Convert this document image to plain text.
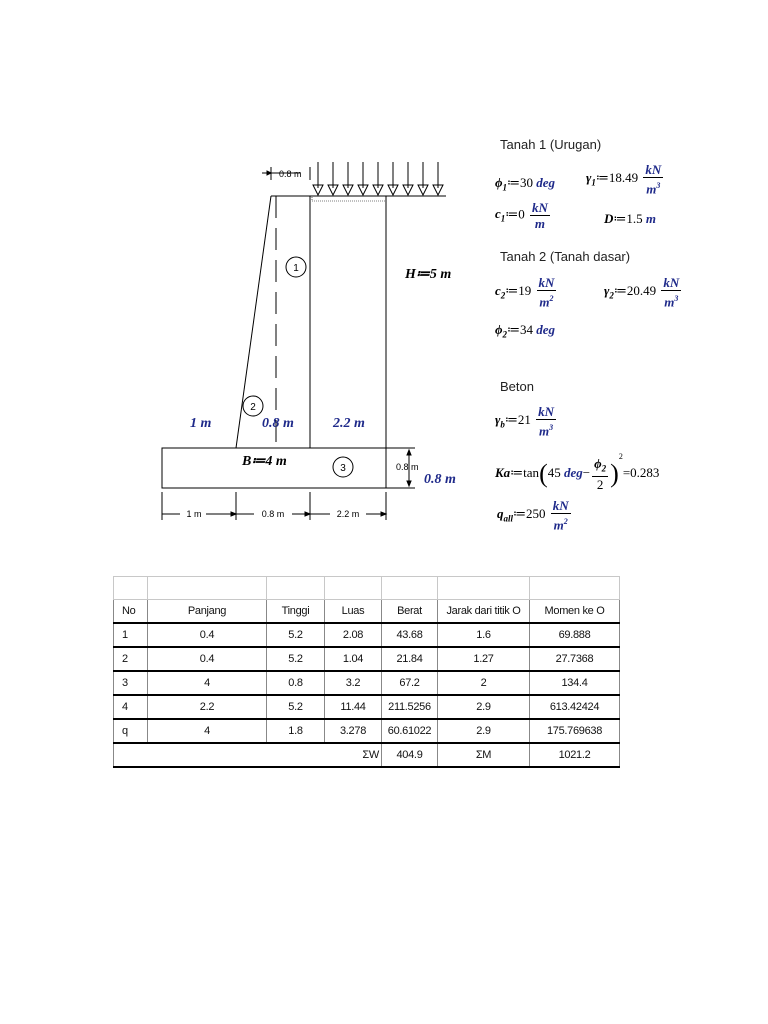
0.8 m
1
2
3	0.8 m
1 m	0.8 m	2.2 m
H≔5 m
1 m	0.8 m	2.2 m
B≔4 m
0.8 m
Tanah 1 (Urugan)
$\phi_1≔30$ deg $\gamma_1≔18.49 \frac{kN}{m^3}$
$c_1≔0 \frac{kN}{m}$	D≔1.5 m
Tanah 2 (Tanah dasar)
$c_2≔19 \frac{kN}{m^2}$	$\gamma_2≔20.49 \frac{kN}{m^3}$
$\phi_2≔34$ deg
Beton
$\gamma_b≔21 \frac{kN}{m^3}$
Ka≔tan(45 $deg- \frac{\phi_2}{2} )^2=0.283$
$q_{all}≔250 \frac{kN}{m^2}$

No	Panjang	Tinggi	Luas	Berat	Jarak dari titik O	Momen ke O
1	0.4	5.2	2.08	43.68	1.6	69.888
2	0.4	5.2	1.04	21.84	1.27	27.7368
3	4	0.8	3.2	67.2	2	134.4
4	2.2	5.2	11.44	211.5256	2.9	613.42424
q	4	1.8	3.278	60.61022	2.9	175.769638
ΣW				404.9	ΣM	1021.2
